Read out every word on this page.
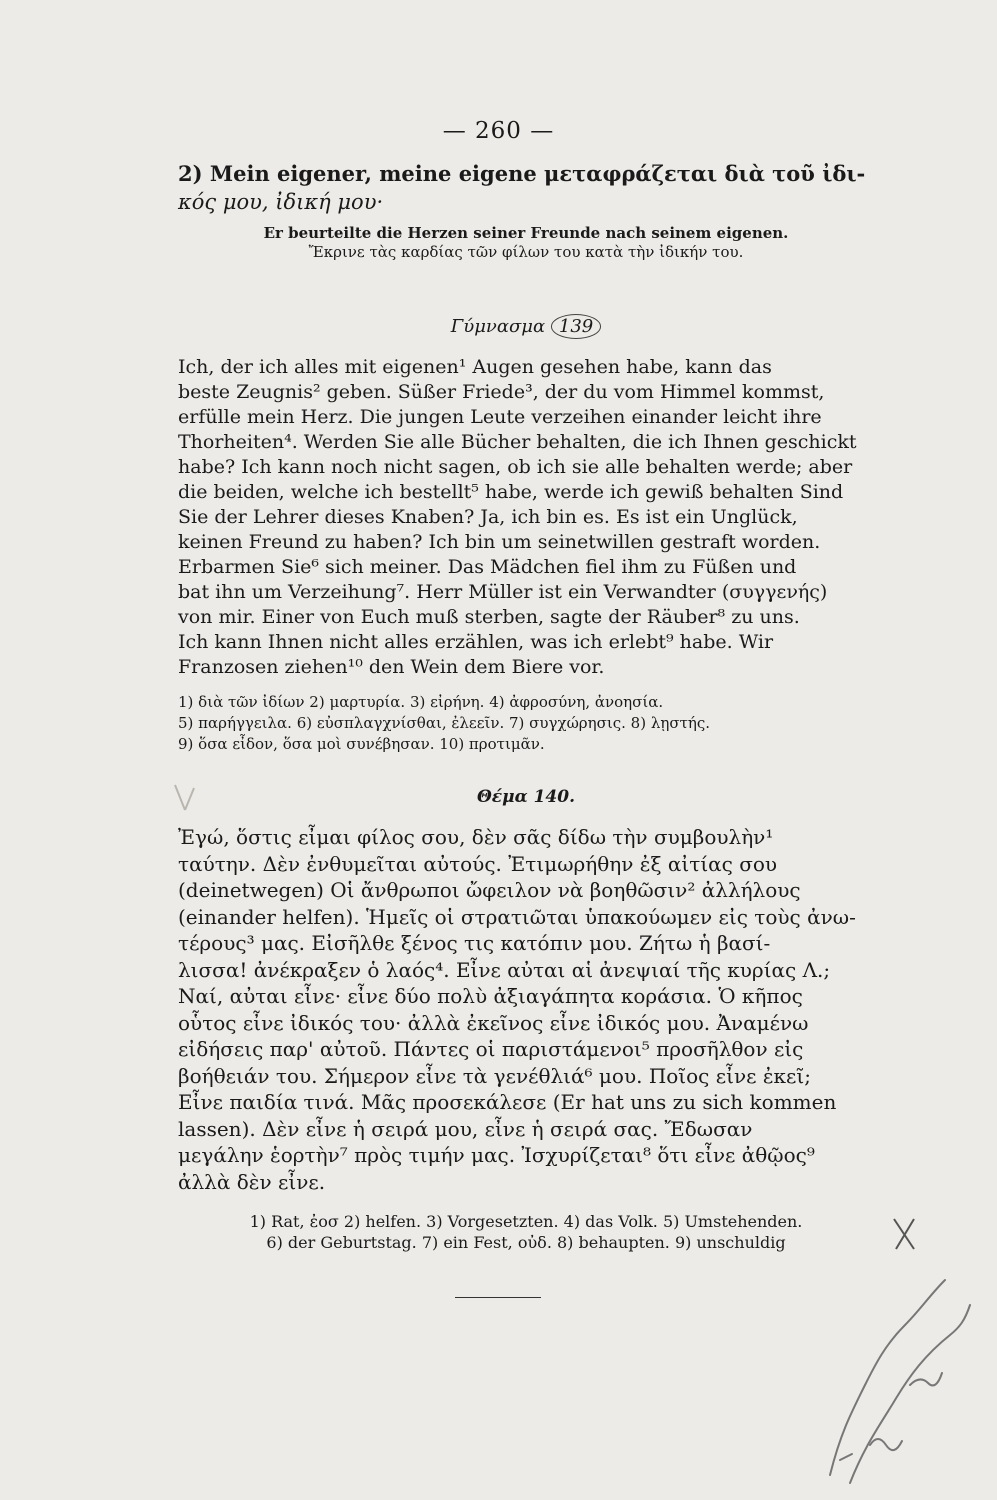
— 260 —

2) Mein eigener, meine eigene μεταφράζεται διὰ τοῦ ἰδι-

κός μου, ἰδική μου·

Er beurteilte die Herzen seiner Freunde nach seinem eigenen.

Ἔκρινε τὰς καρδίας τῶν φίλων του κατὰ τὴν ἰδικήν του.

Γύμνασμα 139

Ich, der ich alles mit eigenen¹ Augen gesehen habe, kann das

beste Zeugnis² geben. Süßer Friede³, der du vom Himmel kommst,

erfülle mein Herz. Die jungen Leute verzeihen einander leicht ihre

Thorheiten⁴. Werden Sie alle Bücher behalten, die ich Ihnen geschickt

habe? Ich kann noch nicht sagen, ob ich sie alle behalten werde; aber

die beiden, welche ich bestellt⁵ habe, werde ich gewiß behalten Sind

Sie der Lehrer dieses Knaben? Ja, ich bin es. Es ist ein Unglück,

keinen Freund zu haben? Ich bin um seinetwillen gestraft worden.

Erbarmen Sie⁶ sich meiner. Das Mädchen fiel ihm zu Füßen und

bat ihn um Verzeihung⁷. Herr Müller ist ein Verwandter (συγγενής)

von mir. Einer von Euch muß sterben, sagte der Räuber⁸ zu uns.

Ich kann Ihnen nicht alles erzählen, was ich erlebt⁹ habe. Wir

Franzosen ziehen¹⁰ den Wein dem Biere vor.

1) διὰ τῶν ἰδίων 2) μαρτυρία. 3) εἰρήνη. 4) ἀφροσύνη, ἀνοησία.

5) παρήγγειλα. 6) εὐσπλαγχνίσθαι, ἐλεεῖν. 7) συγχώρησις. 8) λῃστής.

9) ὅσα εἶδον, ὅσα μοὶ συνέβησαν. 10) προτιμᾶν.

Θέμα 140.

Ἐγώ, ὅστις εἶμαι φίλος σου, δὲν σᾶς δίδω τὴν συμβουλὴν¹

ταύτην. Δὲν ἐνθυμεῖται αὐτούς. Ἐτιμωρήθην ἐξ αἰτίας σου

(deinetwegen) Οἱ ἄνθρωποι ὤφειλον νὰ βοηθῶσιν² ἀλλήλους

(einander helfen). Ἡμεῖς οἱ στρατιῶται ὑπακούωμεν εἰς τοὺς ἀνω-

τέρους³ μας. Εἰσῆλθε ξένος τις κατόπιν μου. Ζήτω ἡ βασί-

λισσα! ἀνέκραξεν ὁ λαός⁴. Εἶνε αὐται αἱ ἀνεψιαί τῆς κυρίας Λ.;

Ναί, αὐται εἶνε· εἶνε δύο πολὺ ἀξιαγάπητα κοράσια. Ὁ κῆπος

οὗτος εἶνε ἰδικός του· ἀλλὰ ἐκεῖνος εἶνε ἰδικός μου. Ἀναμένω

εἰδήσεις παρ' αὐτοῦ. Πάντες οἱ παριστάμενοι⁵ προσῆλθον εἰς

βοήθειάν του. Σήμερον εἶνε τὰ γενέθλιά⁶ μου. Ποῖος εἶνε ἐκεῖ;

Εἶνε παιδία τινά. Μᾶς προσεκάλεσε (Er hat uns zu sich kommen

lassen). Δὲν εἶνε ἡ σειρά μου, εἶνε ἡ σειρά σας. Ἔδωσαν

μεγάλην ἑορτὴν⁷ πρὸς τιμήν μας. Ἰσχυρίζεται⁸ ὅτι εἶνε ἀθῷος⁹

ἀλλὰ δὲν εἶνε.

1) Rat, ἐοσ 2) helfen. 3) Vorgesetzten. 4) das Volk. 5) Umstehenden.

6) der Geburtstag. 7) ein Fest, οὐδ. 8) behaupten. 9) unschuldig
